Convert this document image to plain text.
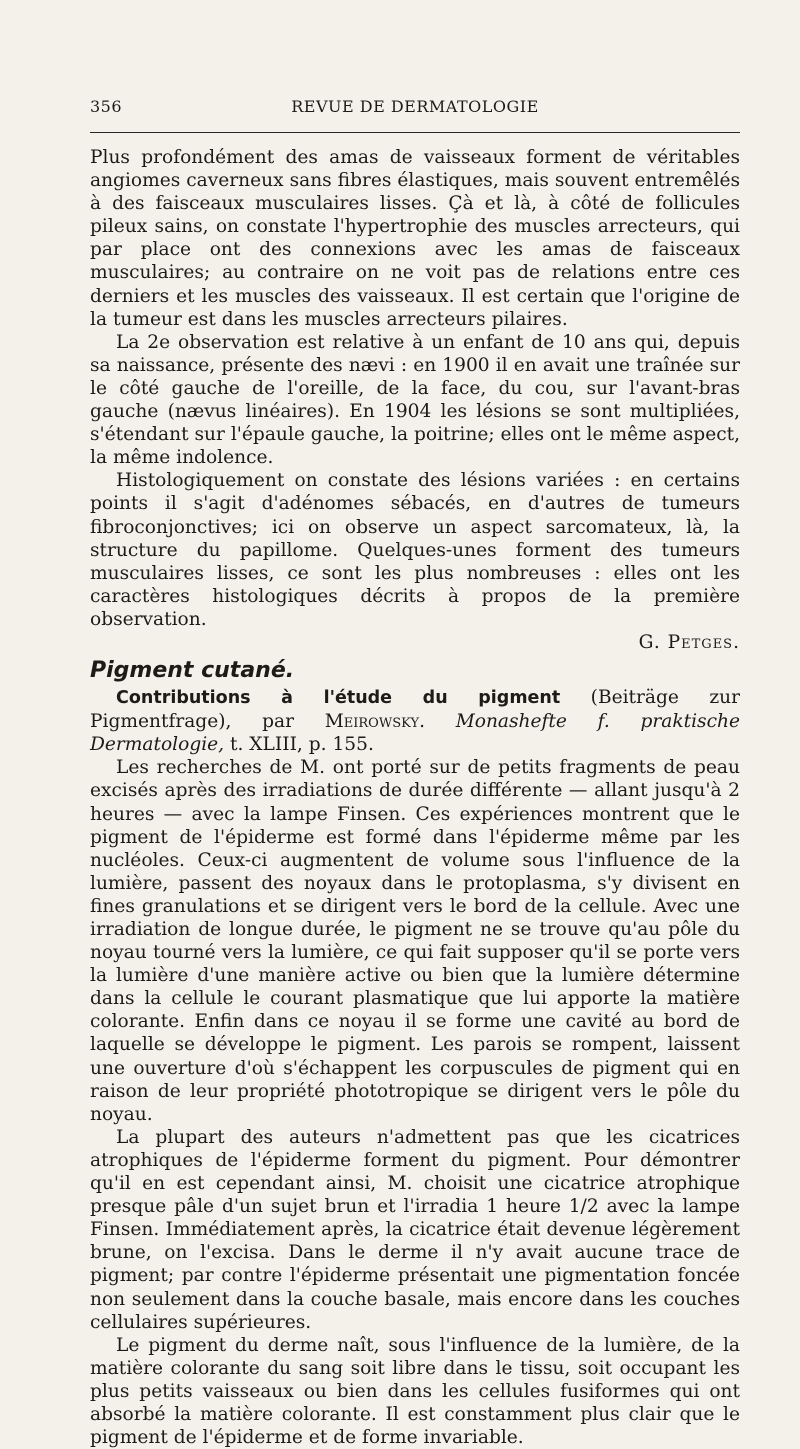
356	REVUE DE DERMATOLOGIE

Plus profondément des amas de vaisseaux forment de véritables angiomes caverneux sans fibres élastiques, mais souvent entremêlés à des faisceaux musculaires lisses. Çà et là, à côté de follicules pileux sains, on constate l'hypertrophie des muscles arrecteurs, qui par place ont des connexions avec les amas de faisceaux musculaires; au contraire on ne voit pas de relations entre ces derniers et les muscles des vaisseaux. Il est certain que l'origine de la tumeur est dans les muscles arrecteurs pilaires.

La 2e observation est relative à un enfant de 10 ans qui, depuis sa naissance, présente des nævi : en 1900 il en avait une traînée sur le côté gauche de l'oreille, de la face, du cou, sur l'avant-bras gauche (nævus linéaires). En 1904 les lésions se sont multipliées, s'étendant sur l'épaule gauche, la poitrine; elles ont le même aspect, la même indolence.

Histologiquement on constate des lésions variées : en certains points il s'agit d'adénomes sébacés, en d'autres de tumeurs fibroconjonctives; ici on observe un aspect sarcomateux, là, la structure du papillome. Quelques-unes forment des tumeurs musculaires lisses, ce sont les plus nombreuses : elles ont les caractères histologiques décrits à propos de la première observation.

G. Petges.

Pigment cutané.

Contributions à l'étude du pigment (Beiträge zur Pigmentfrage), par Meirowsky. Monashefte f. praktische Dermatologie, t. XLIII, p. 155.

Les recherches de M. ont porté sur de petits fragments de peau excisés après des irradiations de durée différente — allant jusqu'à 2 heures — avec la lampe Finsen. Ces expériences montrent que le pigment de l'épiderme est formé dans l'épiderme même par les nucléoles. Ceux-ci augmentent de volume sous l'influence de la lumière, passent des noyaux dans le protoplasma, s'y divisent en fines granulations et se dirigent vers le bord de la cellule. Avec une irradiation de longue durée, le pigment ne se trouve qu'au pôle du noyau tourné vers la lumière, ce qui fait supposer qu'il se porte vers la lumière d'une manière active ou bien que la lumière détermine dans la cellule le courant plasmatique que lui apporte la matière colorante. Enfin dans ce noyau il se forme une cavité au bord de laquelle se développe le pigment. Les parois se rompent, laissent une ouverture d'où s'échappent les corpuscules de pigment qui en raison de leur propriété phototropique se dirigent vers le pôle du noyau.

La plupart des auteurs n'admettent pas que les cicatrices atrophiques de l'épiderme forment du pigment. Pour démontrer qu'il en est cependant ainsi, M. choisit une cicatrice atrophique presque pâle d'un sujet brun et l'irradia 1 heure 1/2 avec la lampe Finsen. Immédiatement après, la cicatrice était devenue légèrement brune, on l'excisa. Dans le derme il n'y avait aucune trace de pigment; par contre l'épiderme présentait une pigmentation foncée non seulement dans la couche basale, mais encore dans les couches cellulaires supérieures.

Le pigment du derme naît, sous l'influence de la lumière, de la matière colorante du sang soit libre dans le tissu, soit occupant les plus petits vaisseaux ou bien dans les cellules fusiformes qui ont absorbé la matière colorante. Il est constamment plus clair que le pigment de l'épiderme et de forme invariable.
